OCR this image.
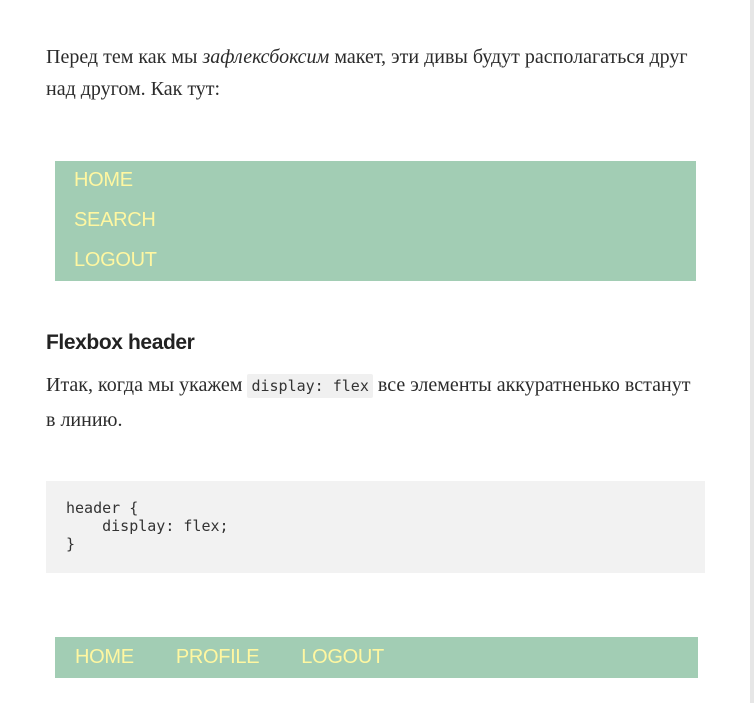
Перед тем как мы зафлексбоксим макет, эти дивы будут располагаться друг над другом. Как тут:

HOME
SEARCH
LOGOUT
Flexbox header

Итак, когда мы укажем display: flex все элементы аккуратненько встанут в линию.

header {
display: flex;
}
HOME PROFILE LOGOUT
